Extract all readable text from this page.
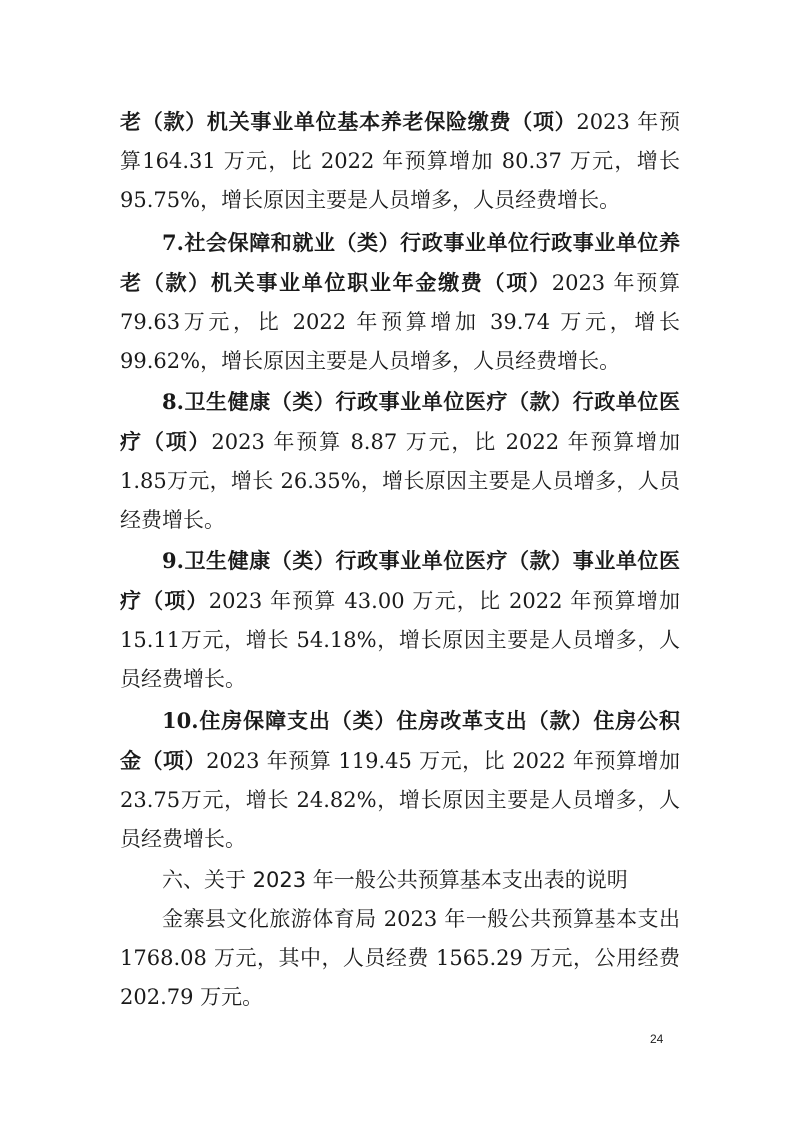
老（款）机关事业单位基本养老保险缴费（项）2023 年预算164.31 万元，比 2022 年预算增加 80.37 万元，增长 95.75%，增长原因主要是人员增多，人员经费增长。

7.社会保障和就业（类）行政事业单位行政事业单位养老（款）机关事业单位职业年金缴费（项）2023 年预算 79.63万元，比 2022 年预算增加 39.74 万元，增长 99.62%，增长原因主要是人员增多，人员经费增长。

8.卫生健康（类）行政事业单位医疗（款）行政单位医疗（项）2023 年预算 8.87 万元，比 2022 年预算增加 1.85万元，增长 26.35%，增长原因主要是人员增多，人员经费增长。

9.卫生健康（类）行政事业单位医疗（款）事业单位医疗（项）2023 年预算 43.00 万元，比 2022 年预算增加 15.11万元，增长 54.18%，增长原因主要是人员增多，人员经费增长。

10.住房保障支出（类）住房改革支出（款）住房公积金（项）2023 年预算 119.45 万元，比 2022 年预算增加 23.75万元，增长 24.82%，增长原因主要是人员增多，人员经费增长。

六、关于 2023 年一般公共预算基本支出表的说明

金寨县文化旅游体育局 2023 年一般公共预算基本支出1768.08 万元，其中，人员经费 1565.29 万元，公用经费202.79 万元。

24
